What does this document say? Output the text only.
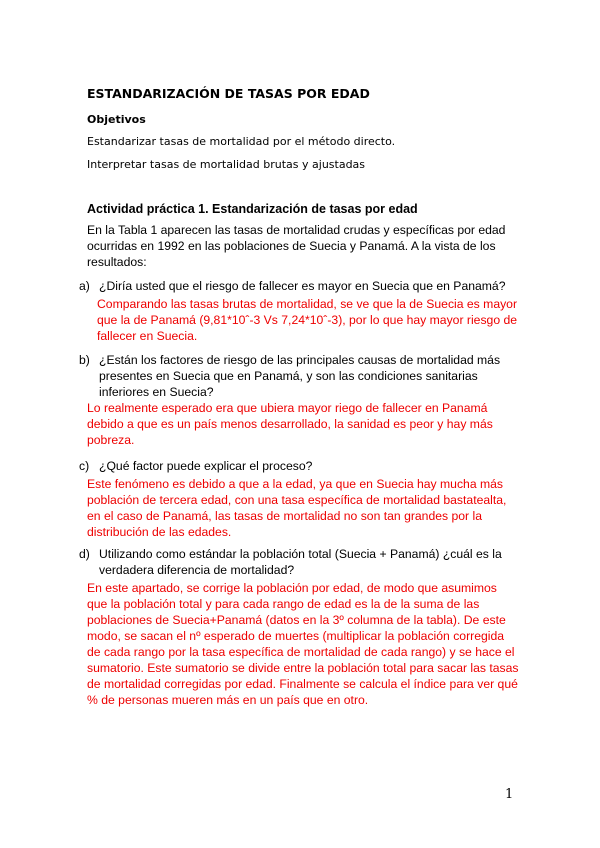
ESTANDARIZACIÓN DE TASAS POR EDAD
Objetivos
Estandarizar tasas de mortalidad por el método directo.
Interpretar tasas de mortalidad brutas y ajustadas
Actividad práctica 1. Estandarización de tasas por edad
En la Tabla 1 aparecen las tasas de mortalidad crudas y específicas por edad ocurridas en 1992 en las poblaciones de Suecia y Panamá. A la vista de los resultados:
a) ¿Diría usted que el riesgo de fallecer es mayor en Suecia que en Panamá?
Comparando las tasas brutas de mortalidad, se ve que la de Suecia es mayor que la de Panamá (9,81*10ˆ-3 Vs 7,24*10ˆ-3), por lo que hay mayor riesgo de fallecer en Suecia.
b) ¿Están los factores de riesgo de las principales causas de mortalidad más presentes en Suecia que en Panamá, y son las condiciones sanitarias inferiores en Suecia?
Lo realmente esperado era que ubiera mayor riego de fallecer en Panamá debido a que es un país menos desarrollado, la sanidad es peor y hay más pobreza.
c) ¿Qué factor puede explicar el proceso?
Este fenómeno es debido a que a la edad, ya que en Suecia hay mucha más población de tercera edad, con una tasa específica de mortalidad bastatealta, en el caso de Panamá, las tasas de mortalidad no son tan grandes por la distribución de las edades.
d) Utilizando como estándar la población total (Suecia + Panamá) ¿cuál es la verdadera diferencia de mortalidad?
En este apartado, se corrige la población por edad, de modo que asumimos que la población total y para cada rango de edad es la de la suma de las poblaciones de Suecia+Panamá (datos en la 3º columna de la tabla). De este modo, se sacan el nº esperado de muertes (multiplicar la población corregida de cada rango por la tasa específica de mortalidad de cada rango) y se hace el sumatorio. Este sumatorio se divide entre la población total para sacar las tasas de mortalidad corregidas por edad. Finalmente se calcula el índice para ver qué % de personas mueren más en un país que en otro.
1
